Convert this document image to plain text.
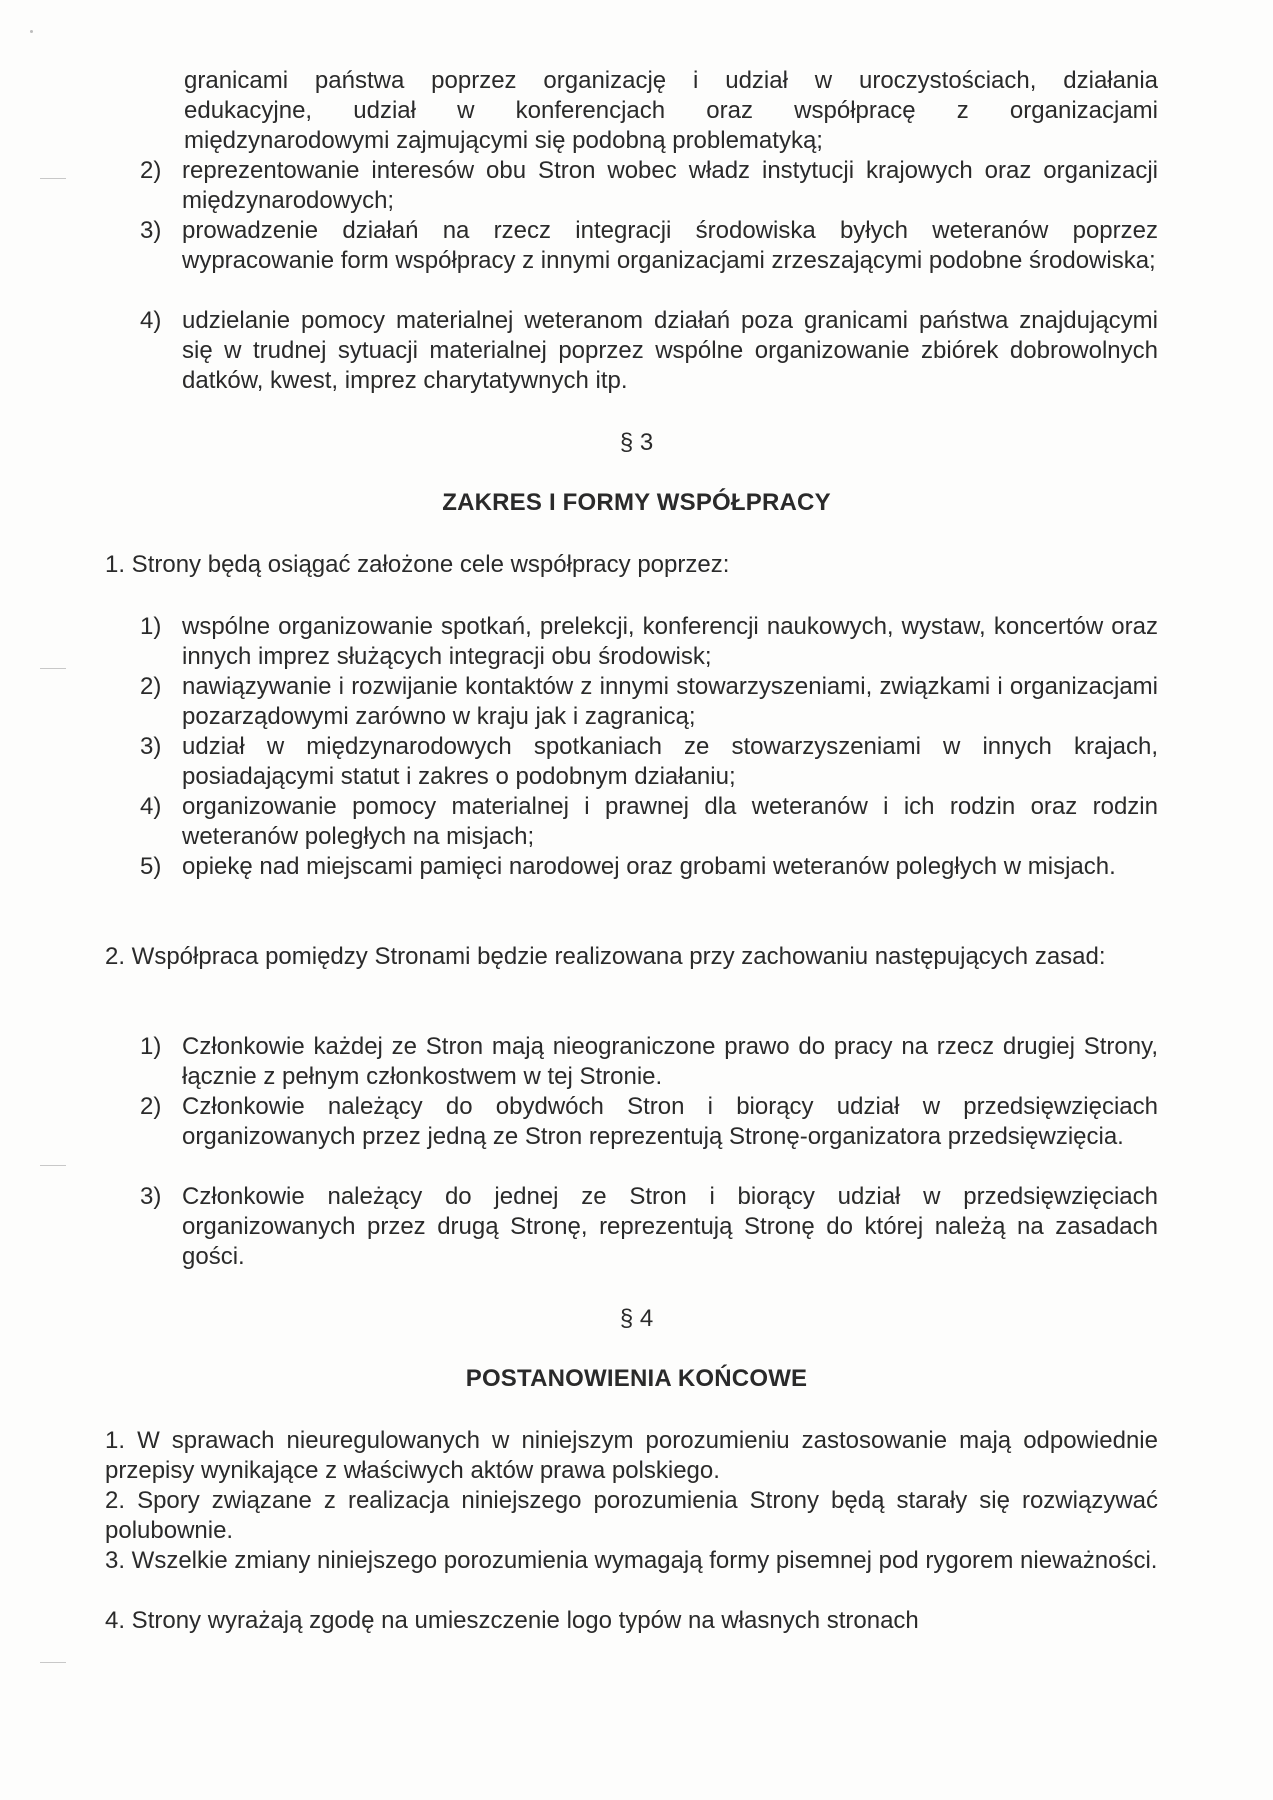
granicami państwa poprzez organizację i udział w uroczystościach, działania
edukacyjne, udział w konferencjach oraz współpracę z organizacjami
międzynarodowymi zajmującymi się podobną problematyką;
2) reprezentowanie interesów obu Stron wobec władz instytucji krajowych oraz organizacji międzynarodowych;
3) prowadzenie działań na rzecz integracji środowiska byłych weteranów poprzez wypracowanie form współpracy z innymi organizacjami zrzeszającymi podobne środowiska;
4) udzielanie pomocy materialnej weteranom działań poza granicami państwa znajdującymi się w trudnej sytuacji materialnej poprzez wspólne organizowanie zbiórek dobrowolnych datków, kwest, imprez charytatywnych itp.
§ 3
ZAKRES I FORMY WSPÓŁPRACY
1. Strony będą osiągać założone cele współpracy poprzez:
1) wspólne organizowanie spotkań, prelekcji, konferencji naukowych, wystaw, koncertów oraz innych imprez służących integracji obu środowisk;
2) nawiązywanie i rozwijanie kontaktów z innymi stowarzyszeniami, związkami i organizacjami pozarządowymi zarówno w kraju jak i zagranicą;
3) udział w międzynarodowych spotkaniach ze stowarzyszeniami w innych krajach, posiadającymi statut i zakres o podobnym działaniu;
4) organizowanie pomocy materialnej i prawnej dla weteranów i ich rodzin oraz rodzin weteranów poległych na misjach;
5) opiekę nad miejscami pamięci narodowej oraz grobami weteranów poległych w misjach.
2. Współpraca pomiędzy Stronami będzie realizowana przy zachowaniu następujących zasad:
1) Członkowie każdej ze Stron mają nieograniczone prawo do pracy na rzecz drugiej Strony, łącznie z pełnym członkostwem w tej Stronie.
2) Członkowie należący do obydwóch Stron i biorący udział w przedsięwzięciach organizowanych przez jedną ze Stron reprezentują Stronę-organizatora przedsięwzięcia.
3) Członkowie należący do jednej ze Stron i biorący udział w przedsięwzięciach organizowanych przez drugą Stronę, reprezentują Stronę do której należą na zasadach gości.
§ 4
POSTANOWIENIA KOŃCOWE
1. W sprawach nieuregulowanych w niniejszym porozumieniu zastosowanie mają odpowiednie przepisy wynikające z właściwych aktów prawa polskiego.
2. Spory związane z realizacja niniejszego porozumienia Strony będą starały się rozwiązywać polubownie.
3. Wszelkie zmiany niniejszego porozumienia wymagają formy pisemnej pod rygorem nieważności.
4. Strony wyrażają zgodę na umieszczenie logo typów na własnych stronach
